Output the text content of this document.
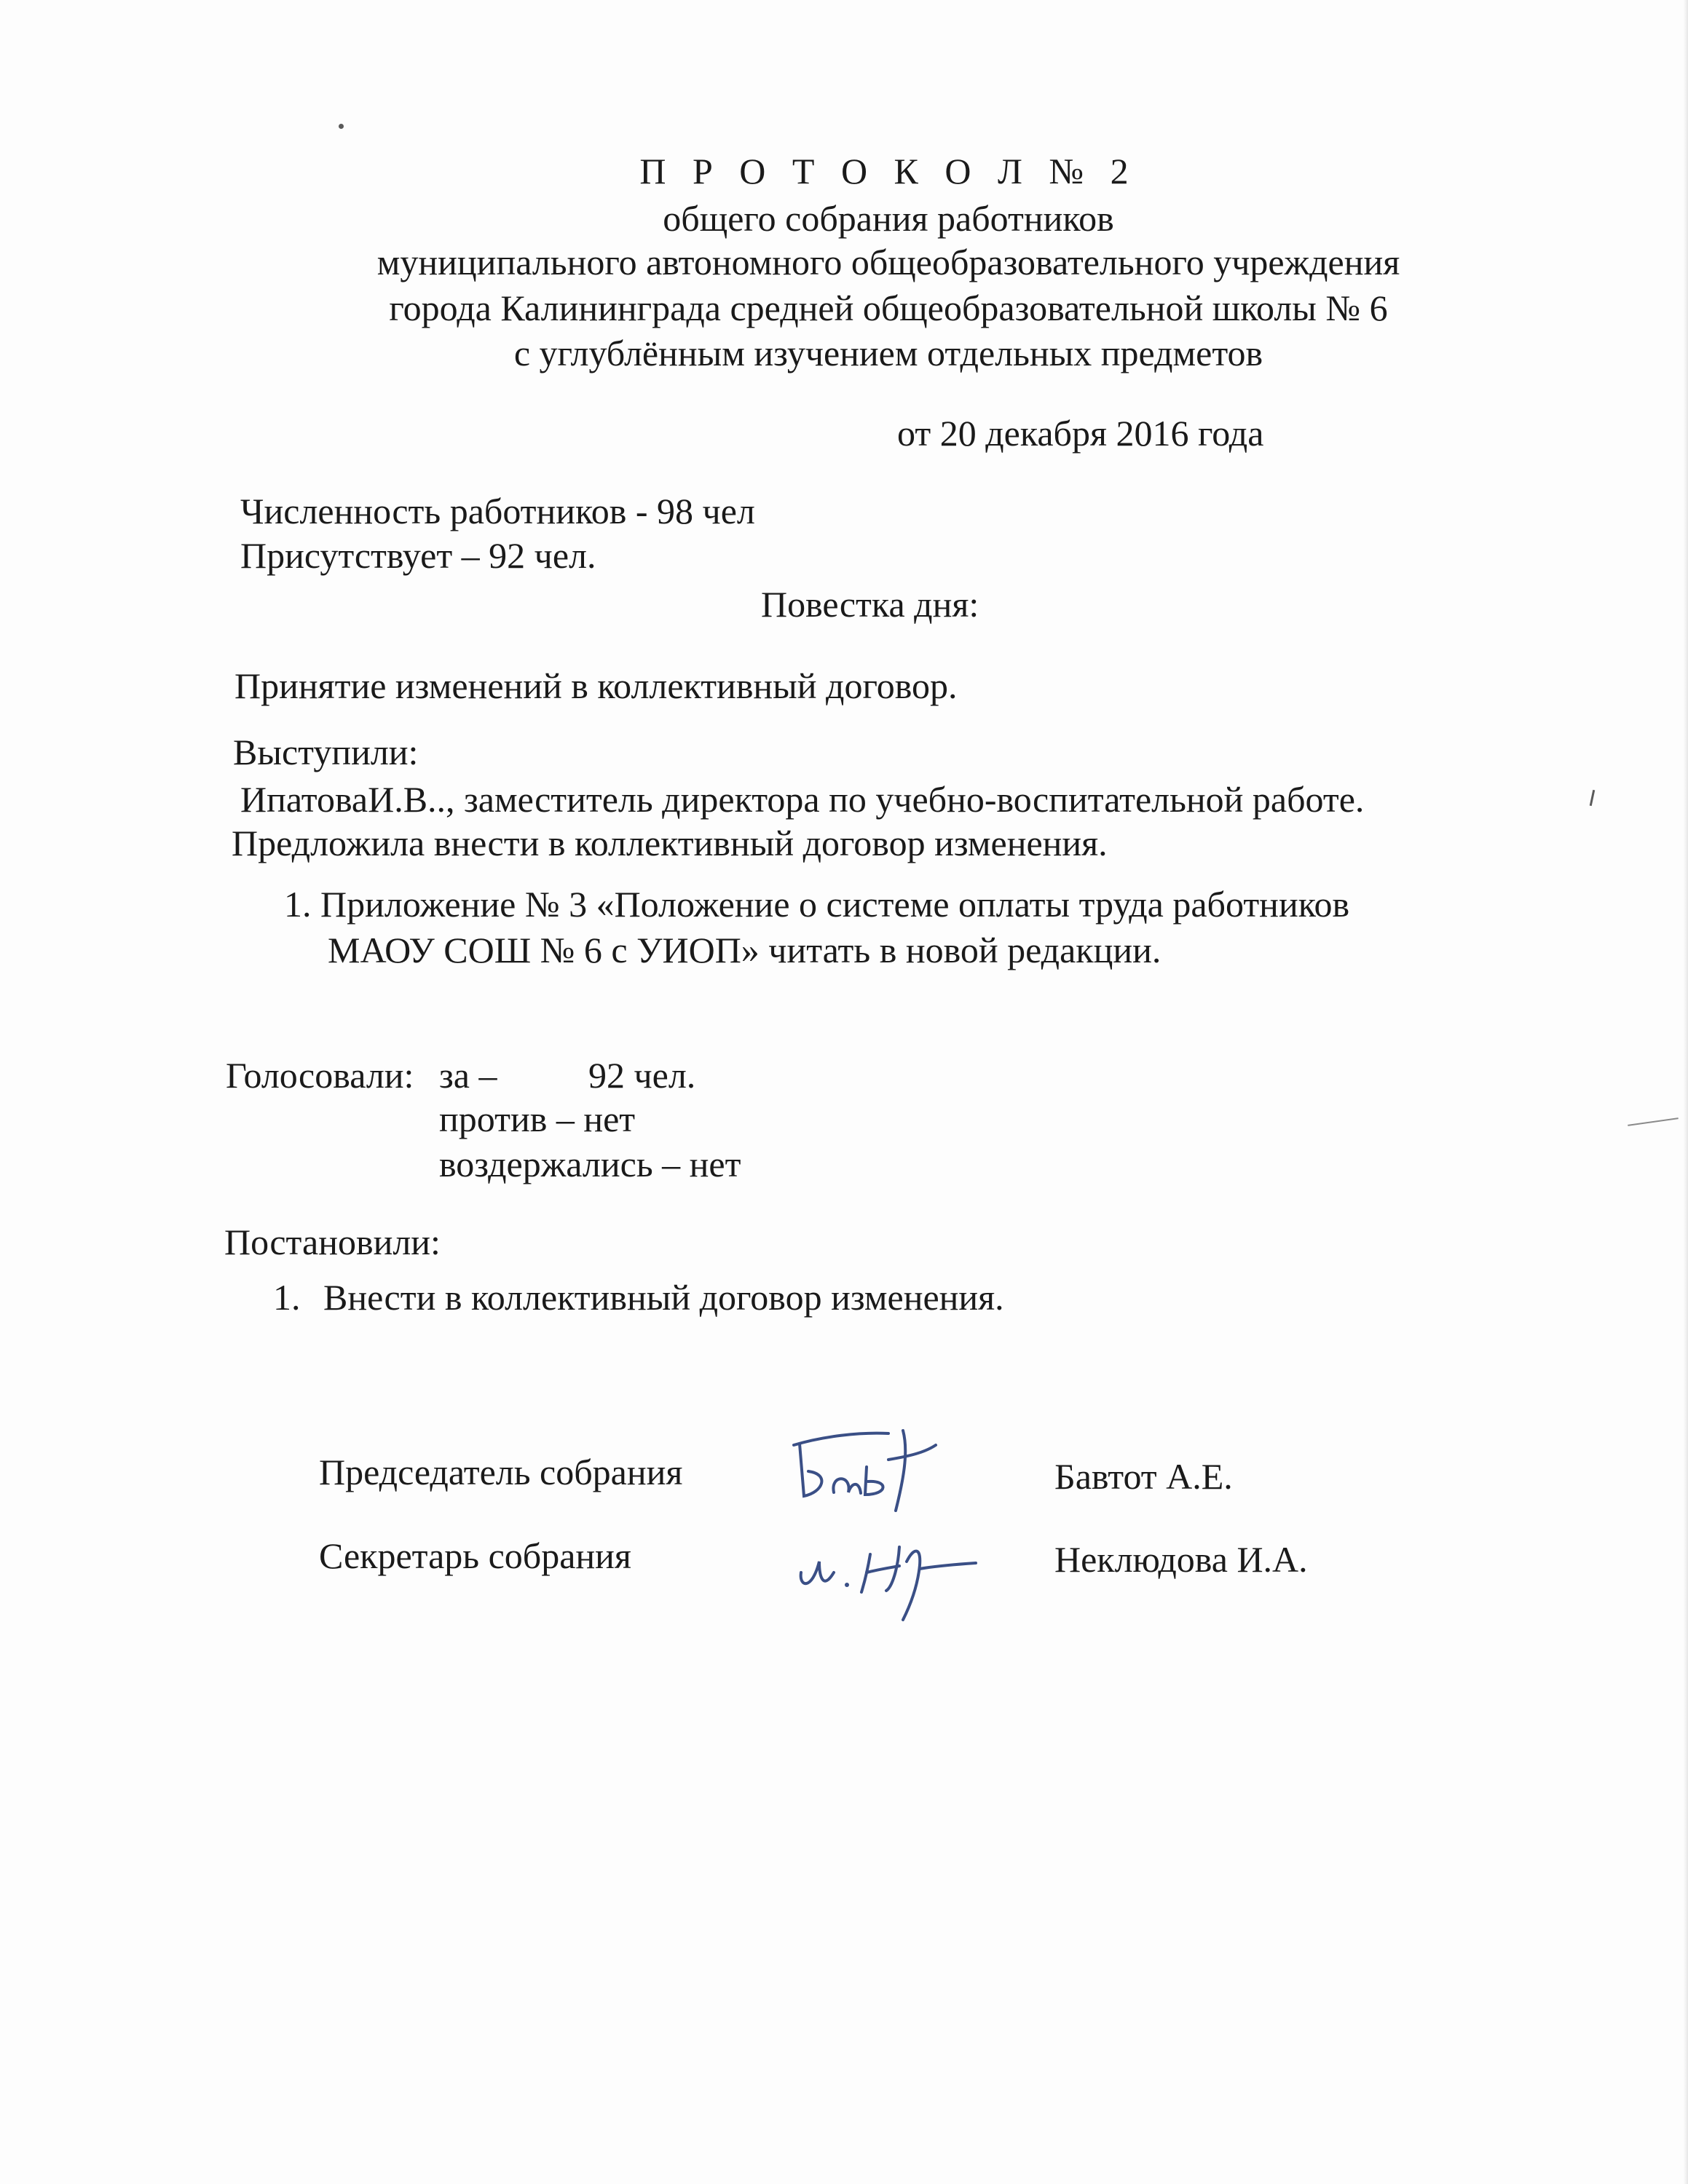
П Р О Т О К О Л № 2
общего собрания работников
муниципального автономного общеобразовательного учреждения
города Калининграда средней общеобразовательной школы № 6
с углублённым изучением отдельных предметов
от 20 декабря 2016 года
Численность работников - 98 чел
Присутствует – 92 чел.
Повестка дня:
Принятие изменений в коллективный договор.
Выступили:
ИпатоваИ.В.., заместитель директора по учебно-воспитательной работе.
Предложила внести в коллективный договор изменения.
1. Приложение № 3 «Положение о системе оплаты труда работников
МАОУ СОШ № 6 с УИОП» читать в новой редакции.
Голосовали: за –	92 чел.
против – нет
воздержались – нет
Постановили:
1. Внести в коллективный договор изменения.
Председатель собрания	Бавтот А.Е.
Секретарь собрания	Неклюдова И.А.
